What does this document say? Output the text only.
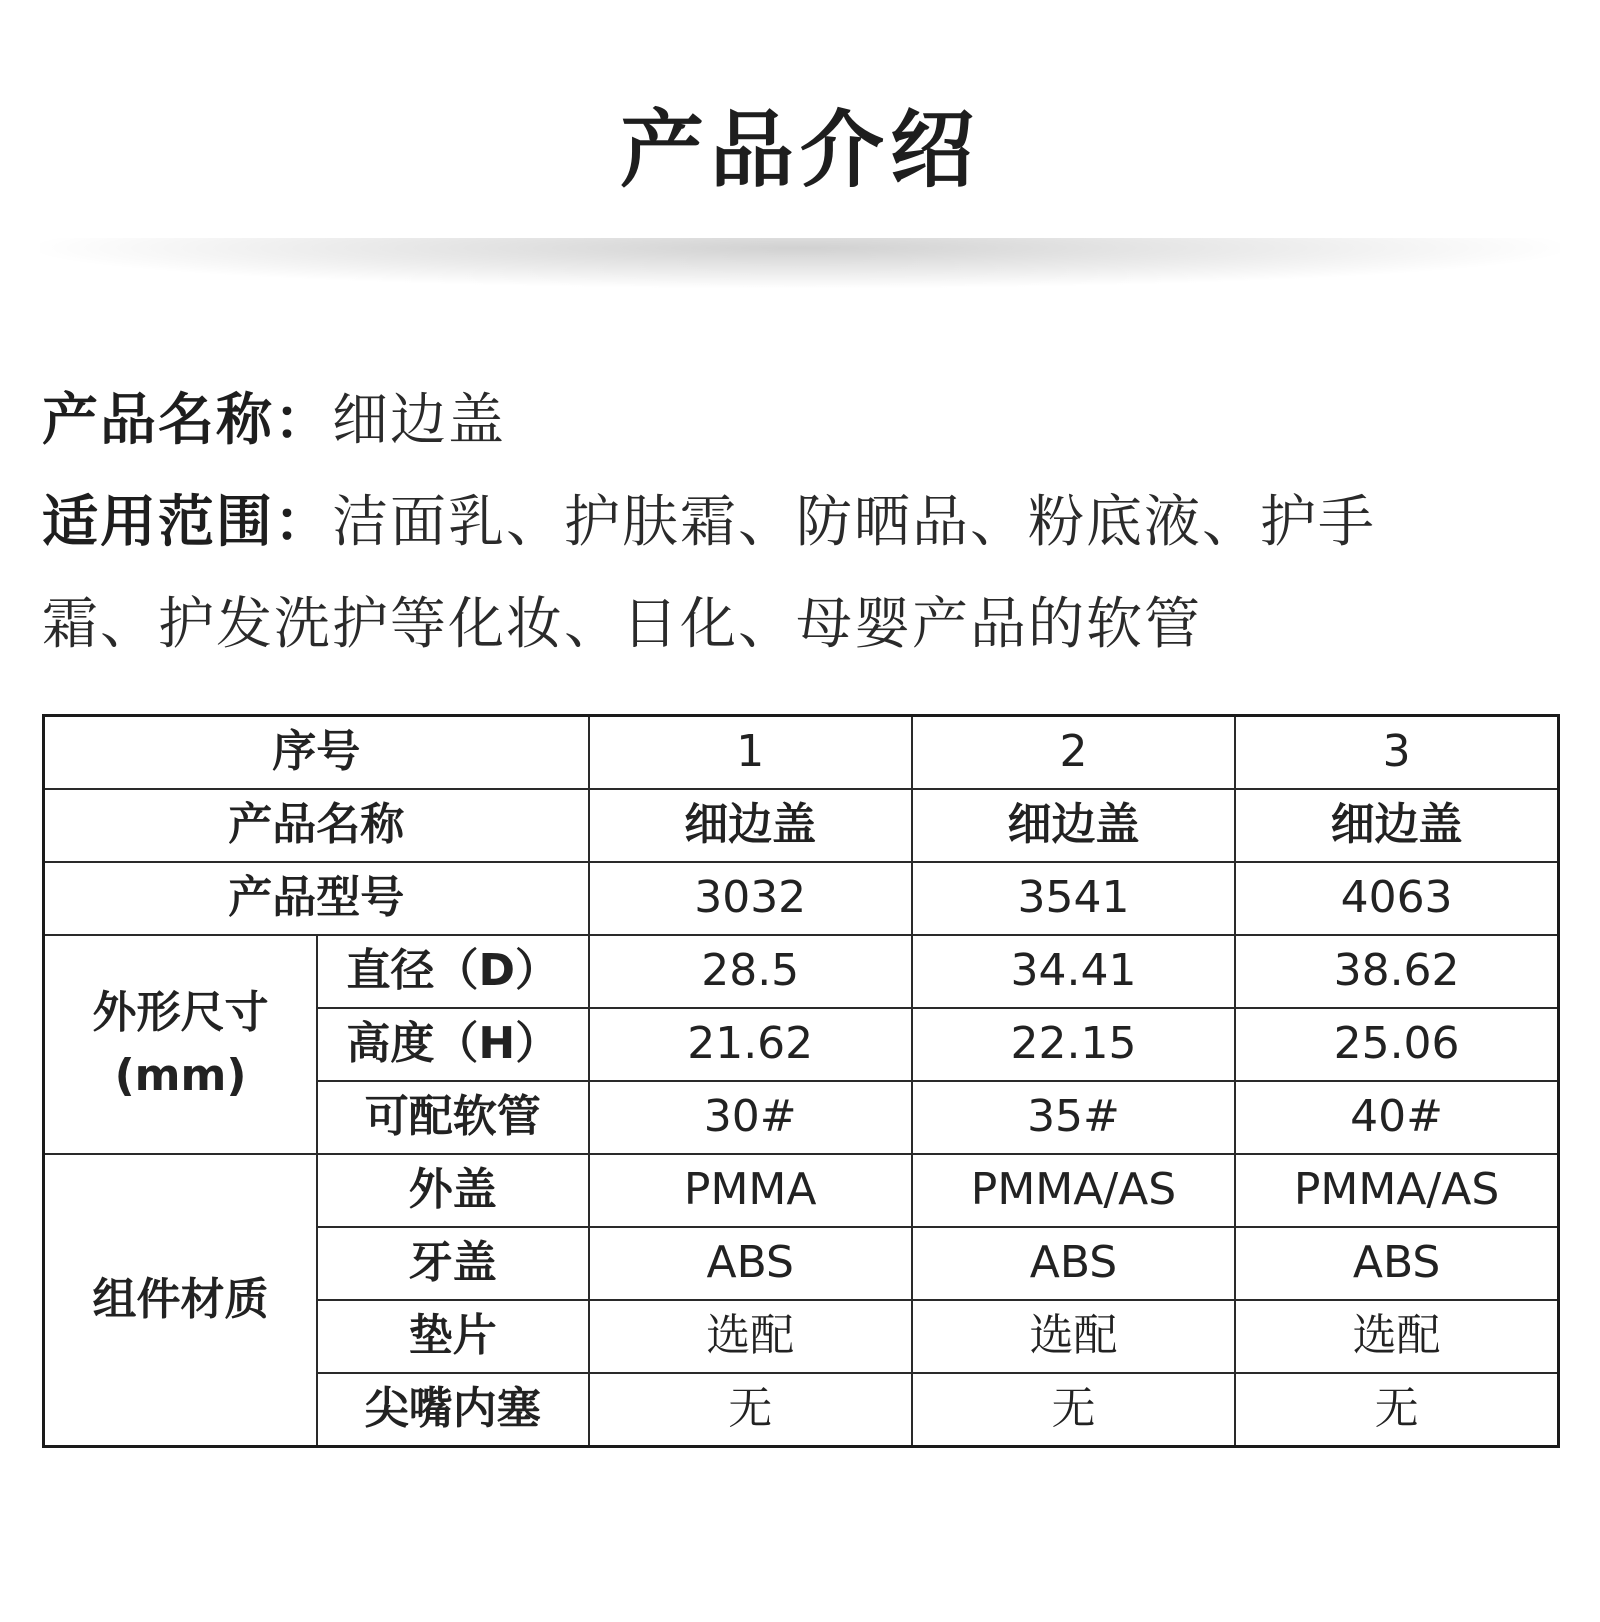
产品介绍

产品名称：细边盖

适用范围：洁面乳、护肤霜、防晒品、粉底液、护手

霜、护发洗护等化妆、日化、母婴产品的软管

序号		1	2	3
产品名称		细边盖	细边盖	细边盖
产品型号		3032	3541	4063

外形尺寸
(mm)	直径（D）	28.5	34.41	38.62
	高度（H）	21.62	22.15	25.06
	可配软管	30#	35#	40#
组件材质	外盖	PMMA	PMMA/AS	PMMA/AS
	牙盖	ABS	ABS	ABS
	垫片	选配	选配	选配
	尖嘴内塞	无	无	无
